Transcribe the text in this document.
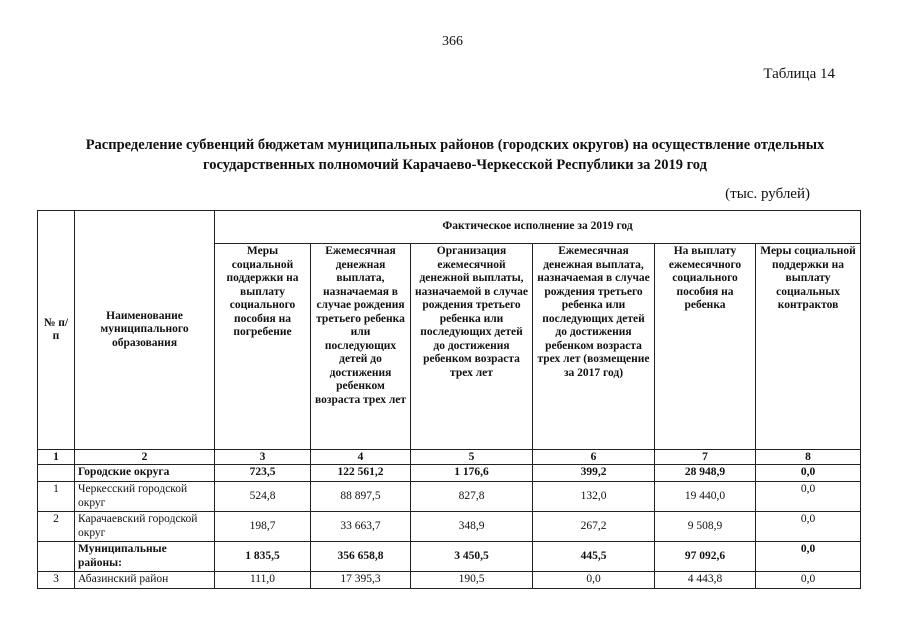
366
Таблица 14
Распределение субвенций бюджетам муниципальных районов (городских округов) на осуществление отдельных
государственных полномочий Карачаево-Черкесской Республики за 2019 год
(тыс. рублей)
№ п/п	Наименование муниципального образования	Фактическое исполнение за 2019 год					
		Меры социальной поддержки на выплату социального пособия на погребение	Ежемесячная денежная выплата, назначаемая в случае рождения третьего ребенка или последующих детей до достижения ребенком возраста трех лет	Организация ежемесячной денежной выплаты, назначаемой в случае рождения третьего ребенка или последующих детей до достижения ребенком возраста трех лет	Ежемесячная денежная выплата, назначаемая в случае рождения третьего ребенка или последующих детей до достижения ребенком возраста трех лет (возмещение за 2017 год)	На выплату ежемесячного социального пособия на ребенка	Меры социальной поддержки на выплату социальных контрактов
1	2	3	4	5	6	7	8
	Городские округа	723,5	122 561,2	1 176,6	399,2	28 948,9	0,0
1	Черкесский городской округ	524,8	88 897,5	827,8	132,0	19 440,0	0,0
2	Карачаевский городской округ	198,7	33 663,7	348,9	267,2	9 508,9	0,0
	Муниципальные районы:	1 835,5	356 658,8	3 450,5	445,5	97 092,6	0,0
3	Абазинский район	111,0	17 395,3	190,5	0,0	4 443,8	0,0
